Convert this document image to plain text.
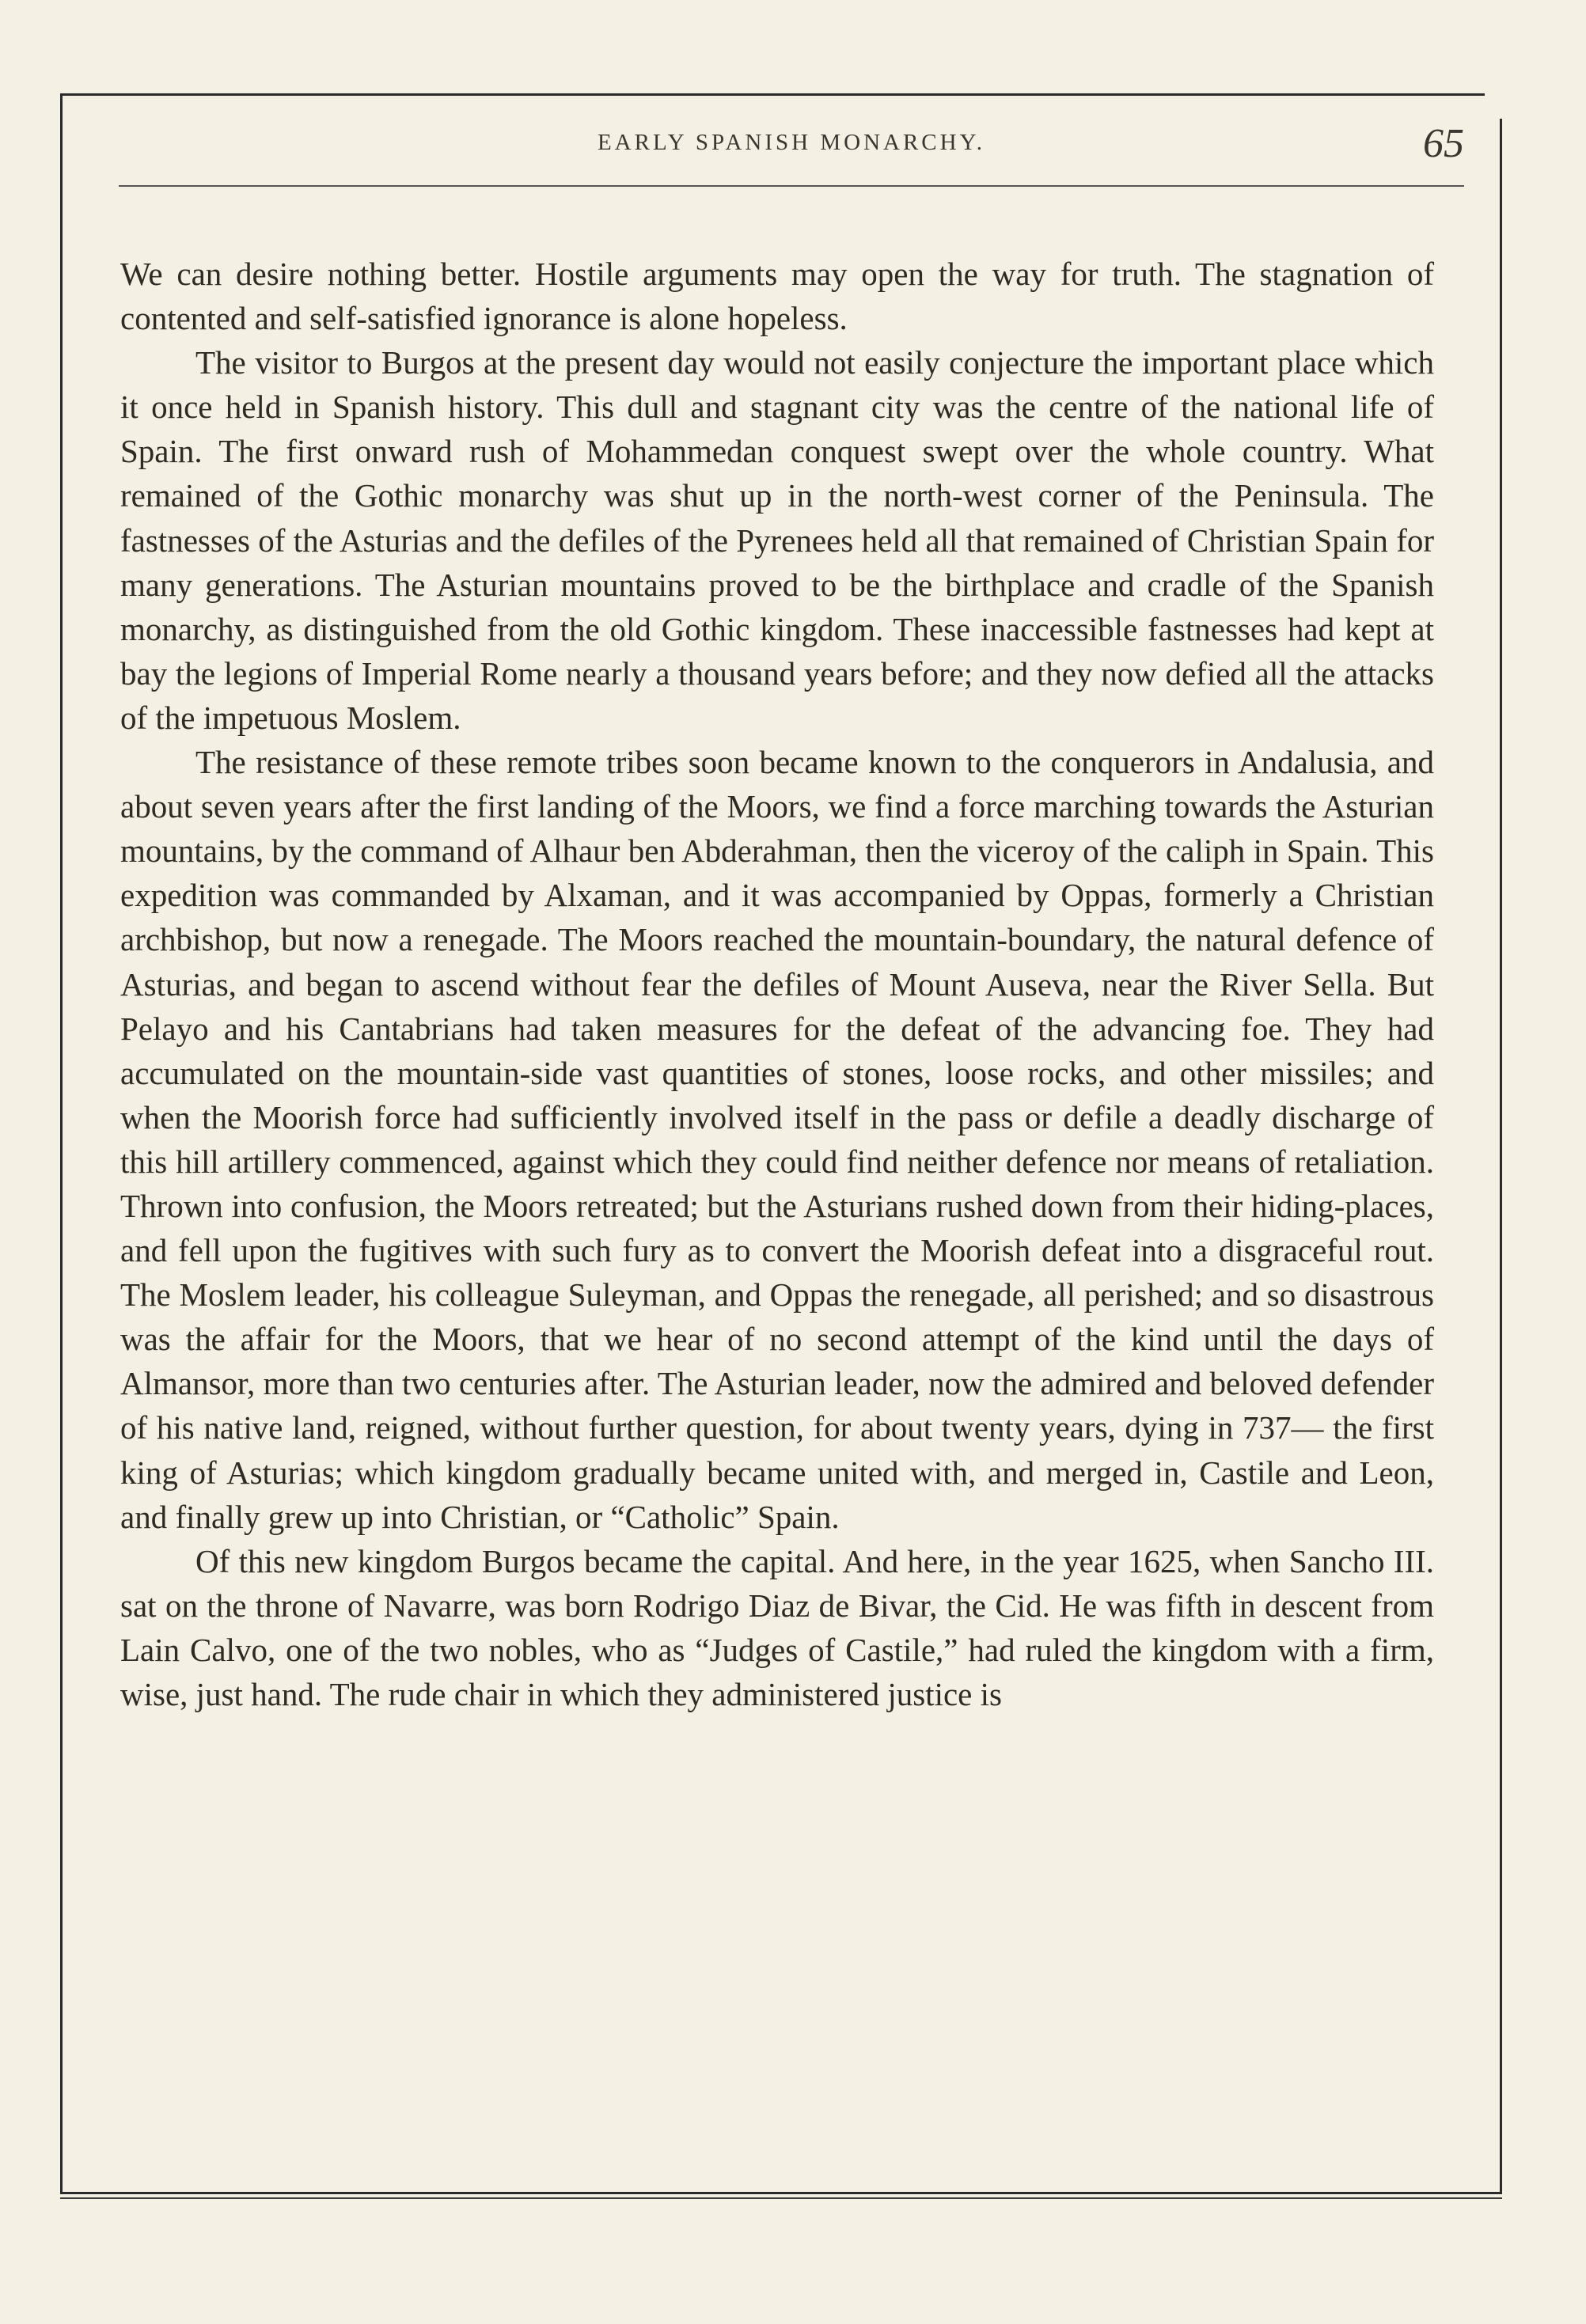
EARLY SPANISH MONARCHY.	65

We can desire nothing better. Hostile arguments may open the way for truth. The stagnation of contented and self-satisfied ignorance is alone hopeless.

The visitor to Burgos at the present day would not easily conjecture the important place which it once held in Spanish history. This dull and stagnant city was the centre of the national life of Spain. The first onward rush of Mohammedan conquest swept over the whole country. What remained of the Gothic monarchy was shut up in the north-west corner of the Peninsula. The fastnesses of the Asturias and the defiles of the Pyrenees held all that remained of Christian Spain for many generations. The Asturian mountains proved to be the birthplace and cradle of the Spanish monarchy, as distinguished from the old Gothic kingdom. These inaccessible fastnesses had kept at bay the legions of Imperial Rome nearly a thousand years before; and they now defied all the attacks of the impetuous Moslem.

The resistance of these remote tribes soon became known to the conquerors in Andalusia, and about seven years after the first landing of the Moors, we find a force marching towards the Asturian mountains, by the command of Alhaur ben Abderahman, then the viceroy of the caliph in Spain. This expedition was commanded by Alxaman, and it was accompanied by Oppas, formerly a Christian archbishop, but now a renegade. The Moors reached the mountain-boundary, the natural defence of Asturias, and began to ascend without fear the defiles of Mount Auseva, near the River Sella. But Pelayo and his Cantabrians had taken measures for the defeat of the advancing foe. They had accumulated on the mountain-side vast quantities of stones, loose rocks, and other missiles; and when the Moorish force had sufficiently involved itself in the pass or defile a deadly discharge of this hill artillery commenced, against which they could find neither defence nor means of retaliation. Thrown into confusion, the Moors retreated; but the Asturians rushed down from their hiding-places, and fell upon the fugitives with such fury as to convert the Moorish defeat into a disgraceful rout. The Moslem leader, his colleague Suleyman, and Oppas the renegade, all perished; and so disastrous was the affair for the Moors, that we hear of no second attempt of the kind until the days of Almansor, more than two centuries after. The Asturian leader, now the admired and beloved defender of his native land, reigned, without further question, for about twenty years, dying in 737— the first king of Asturias; which kingdom gradually became united with, and merged in, Castile and Leon, and finally grew up into Christian, or “Catholic” Spain.

Of this new kingdom Burgos became the capital. And here, in the year 1625, when Sancho III. sat on the throne of Navarre, was born Rodrigo Diaz de Bivar, the Cid. He was fifth in descent from Lain Calvo, one of the two nobles, who as “Judges of Castile,” had ruled the kingdom with a firm, wise, just hand. The rude chair in which they administered justice is
